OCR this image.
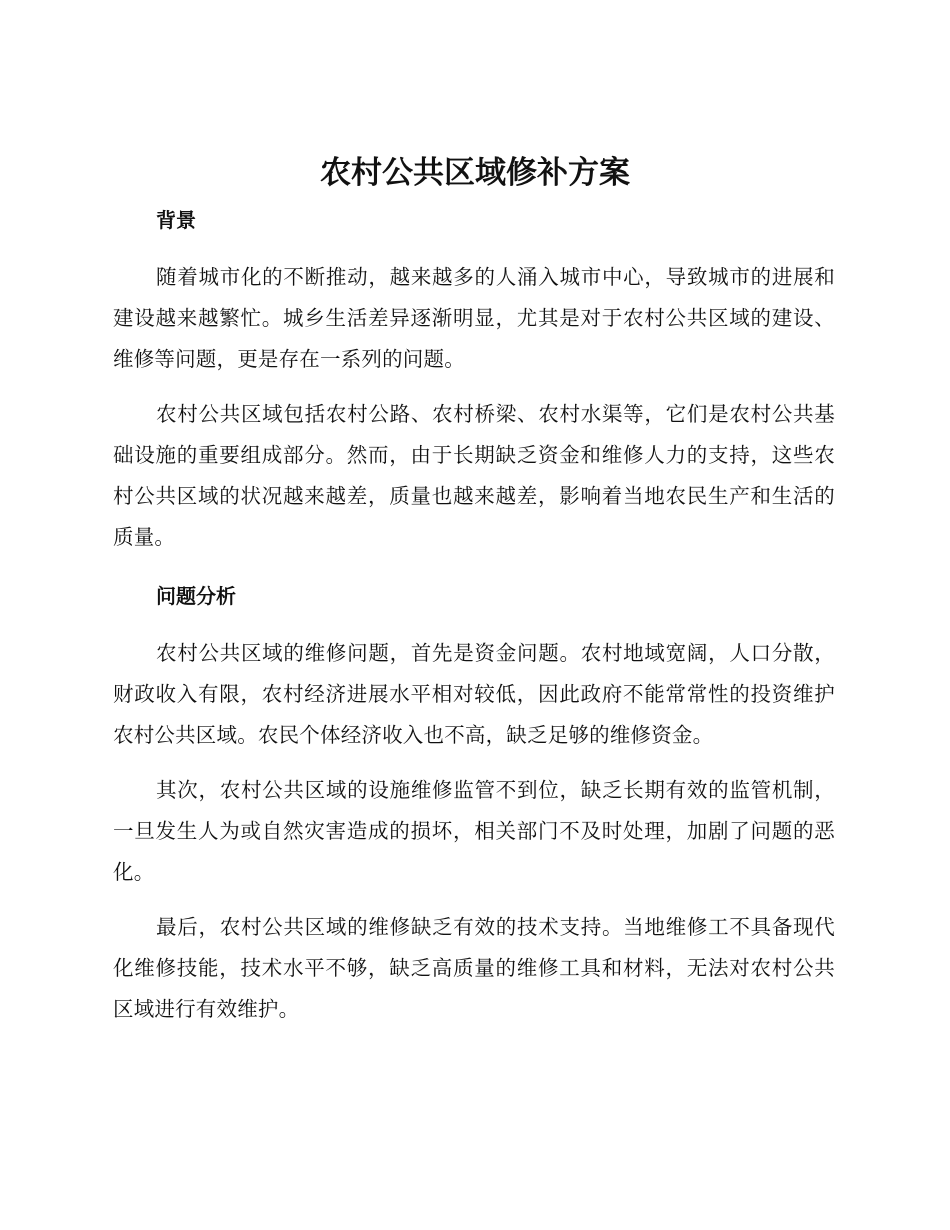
农村公共区域修补方案
背景

随着城市化的不断推动，越来越多的人涌入城市中心，导致城市的进展和建设越来越繁忙。城乡生活差异逐渐明显，尤其是对于农村公共区域的建设、维修等问题，更是存在一系列的问题。

农村公共区域包括农村公路、农村桥梁、农村水渠等，它们是农村公共基础设施的重要组成部分。然而，由于长期缺乏资金和维修人力的支持，这些农村公共区域的状况越来越差，质量也越来越差，影响着当地农民生产和生活的质量。

问题分析

农村公共区域的维修问题，首先是资金问题。农村地域宽阔，人口分散，财政收入有限，农村经济进展水平相对较低，因此政府不能常常性的投资维护农村公共区域。农民个体经济收入也不高，缺乏足够的维修资金。

其次，农村公共区域的设施维修监管不到位，缺乏长期有效的监管机制，一旦发生人为或自然灾害造成的损坏，相关部门不及时处理，加剧了问题的恶化。

最后，农村公共区域的维修缺乏有效的技术支持。当地维修工不具备现代化维修技能，技术水平不够，缺乏高质量的维修工具和材料，无法对农村公共区域进行有效维护。
